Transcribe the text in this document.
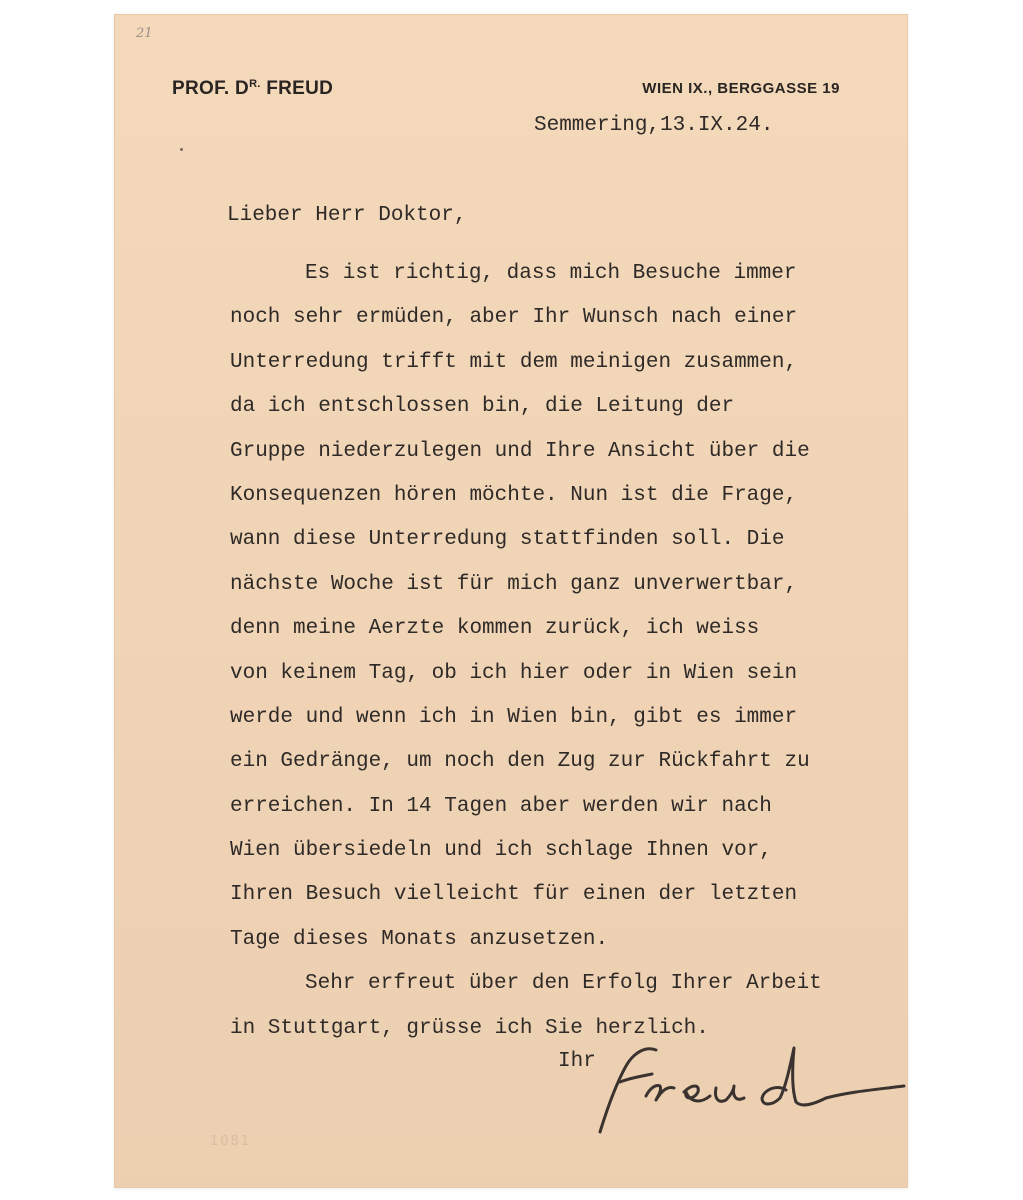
21
PROF. $D^{R.}$ FREUD	WIEN IX., BERGGASSE 19
Semmering,13.IX.24.
Lieber Herr Doktor,
Es ist richtig, dass mich Besuche immer
noch sehr ermüden, aber Ihr Wunsch nach einer
Unterredung trifft mit dem meinigen zusammen,
da ich entschlossen bin, die Leitung der
Gruppe niederzulegen und Ihre Ansicht über die
Konsequenzen hören möchte. Nun ist die Frage,
wann diese Unterredung stattfinden soll. Die
nächste Woche ist für mich ganz unverwertbar,
denn meine Aerzte kommen zurück, ich weiss
von keinem Tag, ob ich hier oder in Wien sein
werde und wenn ich in Wien bin, gibt es immer
ein Gedränge, um noch den Zug zur Rückfahrt zu
erreichen. In 14 Tagen aber werden wir nach
Wien übersiedeln und ich schlage Ihnen vor,
Ihren Besuch vielleicht für einen der letzten
Tage dieses Monats anzusetzen.
Sehr erfreut über den Erfolg Ihrer Arbeit
in Stuttgart, grüsse ich Sie herzlich.
Ihr
1081
